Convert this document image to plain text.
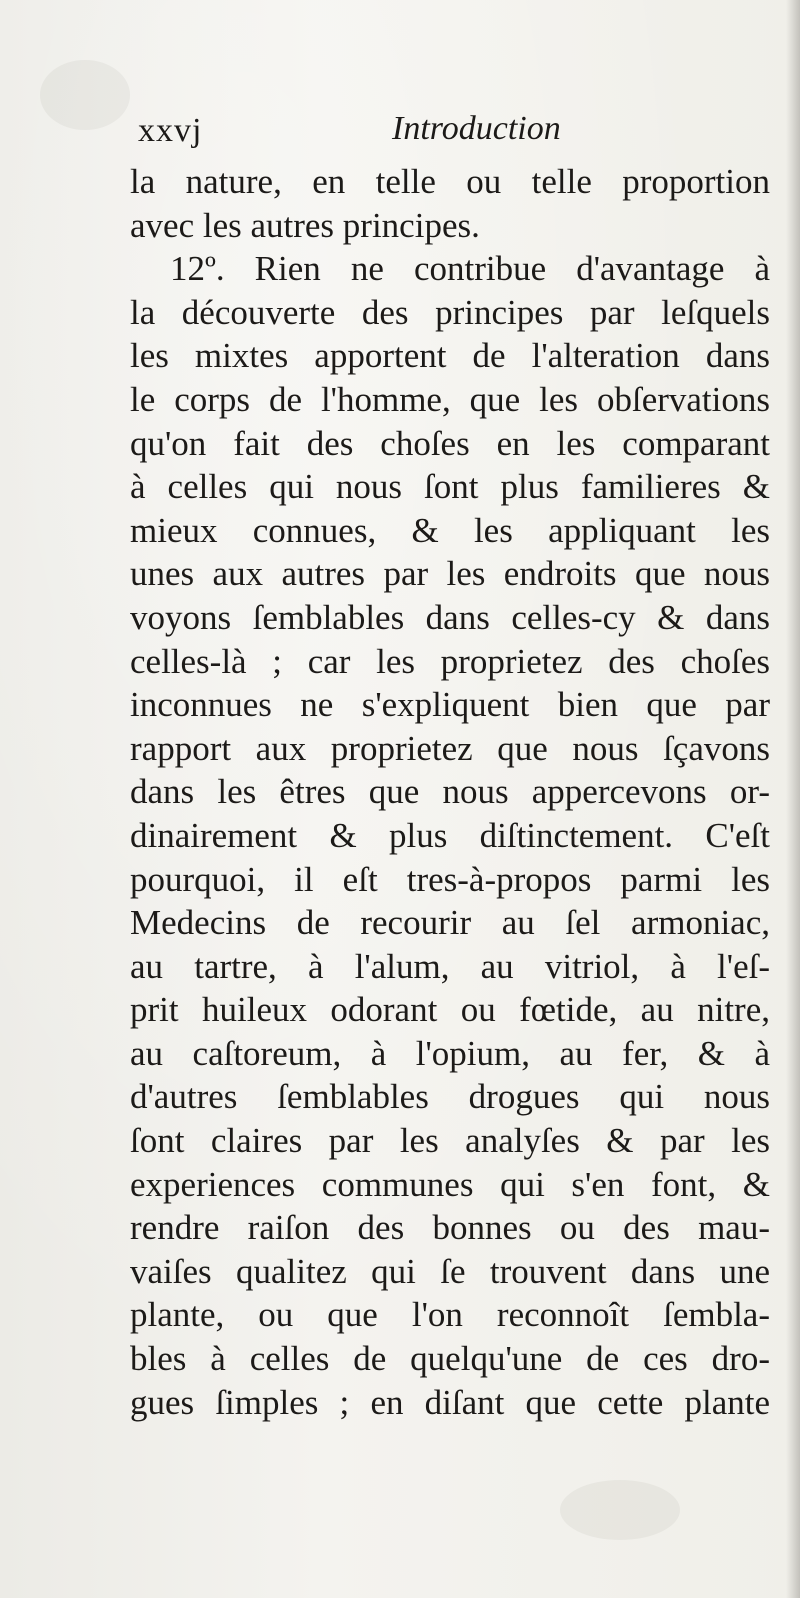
xxvj	Introduction
la nature, en telle ou telle proportion
avec les autres principes.
12º. Rien ne contribue d'avantage à
la découverte des principes par leſquels
les mixtes apportent de l'alteration dans
le corps de l'homme, que les obſervations
qu'on fait des choſes en les comparant
à celles qui nous ſont plus familieres &
mieux connues, & les appliquant les
unes aux autres par les endroits que nous
voyons ſemblables dans celles-cy & dans
celles-là ; car les proprietez des choſes
inconnues ne s'expliquent bien que par
rapport aux proprietez que nous ſçavons
dans les êtres que nous appercevons or-
dinairement & plus diſtinctement. C'eſt
pourquoi, il eſt tres-à-propos parmi les
Medecins de recourir au ſel armoniac,
au tartre, à l'alum, au vitriol, à l'eſ-
prit huileux odorant ou fœtide, au nitre,
au caſtoreum, à l'opium, au fer, & à
d'autres ſemblables drogues qui nous
ſont claires par les analyſes & par les
experiences communes qui s'en font, &
rendre raiſon des bonnes ou des mau-
vaiſes qualitez qui ſe trouvent dans une
plante, ou que l'on reconnoît ſembla-
bles à celles de quelqu'une de ces dro-
gues ſimples ; en diſant que cette plante
